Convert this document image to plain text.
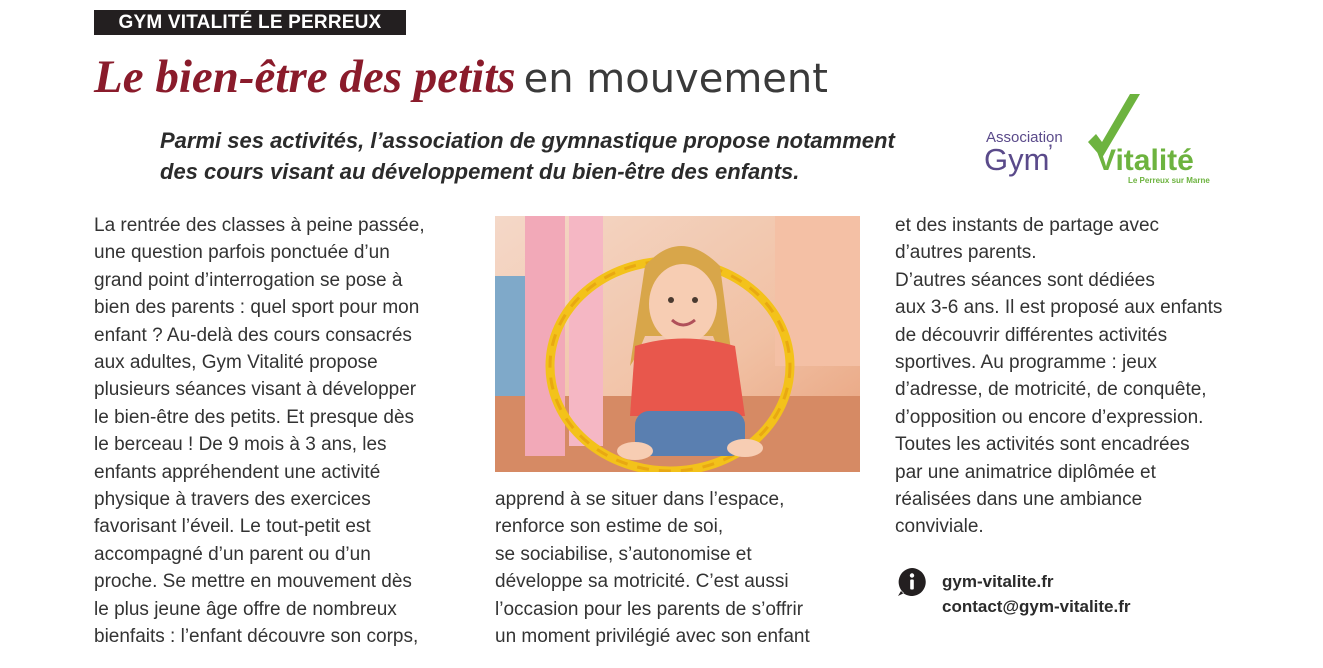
GYM VITALITÉ LE PERREUX
Le bien-être des petits en mouvement

Parmi ses activités, l’association de gymnastique propose notamment
des cours visant au développement du bien-être des enfants.

Association
Gym
’ Vitalité
Le Perreux sur Marne
La rentrée des classes à peine passée,
une question parfois ponctuée d’un
grand point d’interrogation se pose à
bien des parents : quel sport pour mon
enfant ? Au-delà des cours consacrés
aux adultes, Gym Vitalité propose
plusieurs séances visant à développer
le bien-être des petits. Et presque dès
le berceau ! De 9 mois à 3 ans, les
enfants appréhendent une activité
physique à travers des exercices
favorisant l’éveil. Le tout-petit est
accompagné d’un parent ou d’un
proche. Se mettre en mouvement dès
le plus jeune âge offre de nombreux
bienfaits : l’enfant découvre son corps,
apprend à se situer dans l’espace,
renforce son estime de soi,
se sociabilise, s’autonomise et
développe sa motricité. C’est aussi
l’occasion pour les parents de s’offrir
un moment privilégié avec son enfant
et des instants de partage avec
d’autres parents.
D’autres séances sont dédiées
aux 3-6 ans. Il est proposé aux enfants
de découvrir différentes activités
sportives. Au programme : jeux
d’adresse, de motricité, de conquête,
d’opposition ou encore d’expression.
Toutes les activités sont encadrées
par une animatrice diplômée et
réalisées dans une ambiance
conviviale.
gym-vitalite.fr
contact@gym-vitalite.fr
